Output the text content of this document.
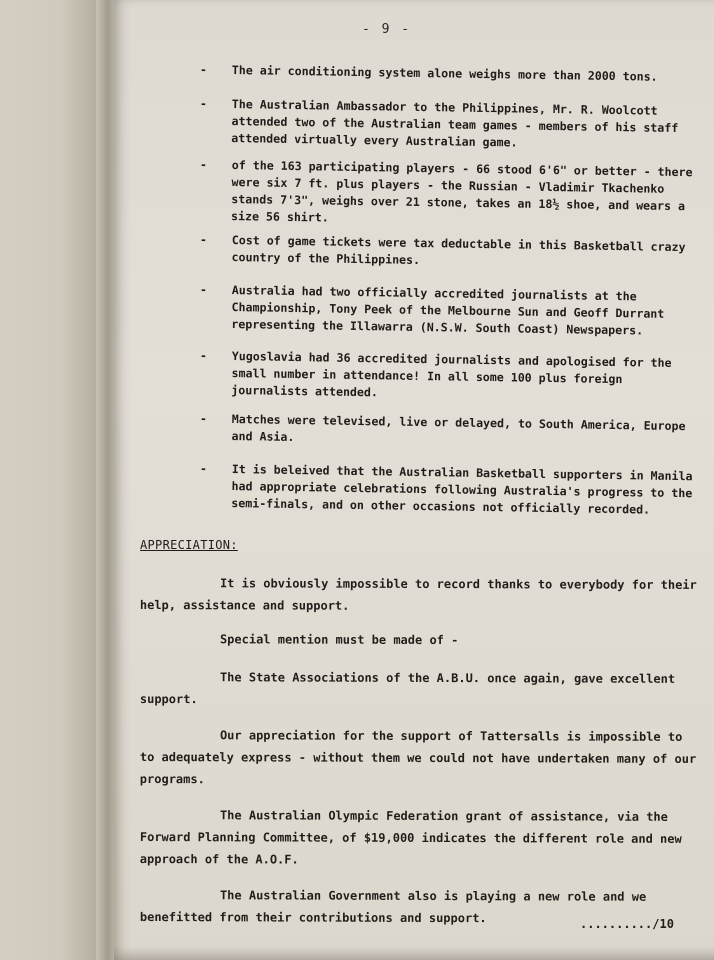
- 9 -
- The air conditioning system alone weighs more than 2000 tons.
- The Australian Ambassador to the Philippines, Mr. R. Woolcott attended two of the Australian team games - members of his staff attended virtually every Australian game.
- of the 163 participating players - 66 stood 6'6" or better - there were six 7 ft. plus players - the Russian - Vladimir Tkachenko stands 7'3", weighs over 21 stone, takes an 18½ shoe, and wears a size 56 shirt.
- Cost of game tickets were tax deductable in this Basketball crazy country of the Philippines.
- Australia had two officially accredited journalists at the Championship, Tony Peek of the Melbourne Sun and Geoff Durrant representing the Illawarra (N.S.W. South Coast) Newspapers.
- Yugoslavia had 36 accredited journalists and apologised for the small number in attendance! In all some 100 plus foreign journalists attended.
- Matches were televised, live or delayed, to South America, Europe and Asia.
- It is beleived that the Australian Basketball supporters in Manila had appropriate celebrations following Australia's progress to the semi-finals, and on other occasions not officially recorded.
APPRECIATION:
It is obviously impossible to record thanks to everybody for their help, assistance and support.
Special mention must be made of -
The State Associations of the A.B.U. once again, gave excellent support.
Our appreciation for the support of Tattersalls is impossible to to adequately express - without them we could not have undertaken many of our programs.
The Australian Olympic Federation grant of assistance, via the Forward Planning Committee, of $19,000 indicates the different role and new approach of the A.O.F.
The Australian Government also is playing a new role and we benefitted from their contributions and support.	........../10
